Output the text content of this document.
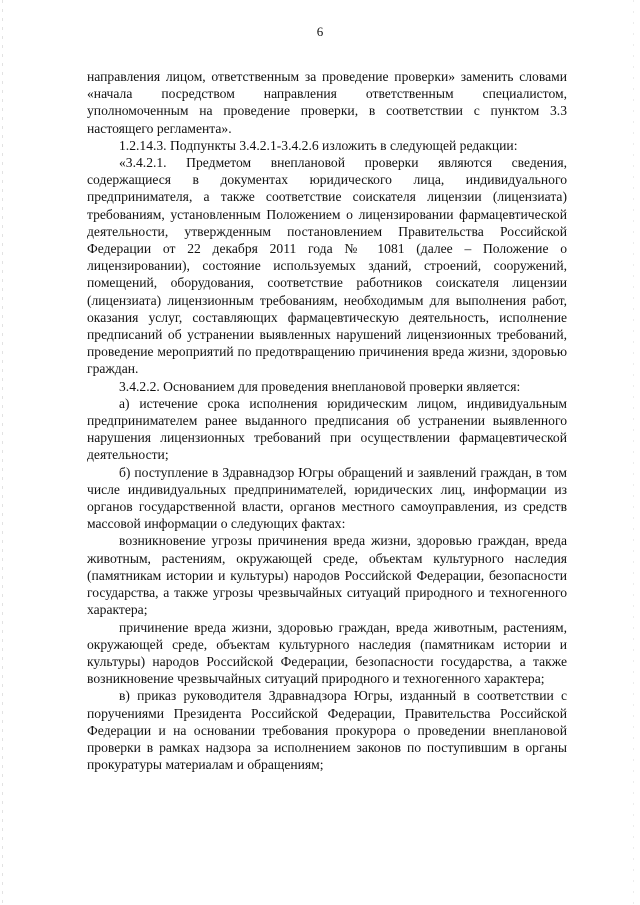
6

направления лицом, ответственным за проведение проверки» заменить словами «начала посредством направления ответственным специалистом, уполномоченным на проведение проверки, в соответствии с пунктом 3.3 настоящего регламента».

1.2.14.3. Подпункты 3.4.2.1-3.4.2.6 изложить в следующей редакции:

«3.4.2.1. Предметом внеплановой проверки являются сведения, содержащиеся в документах юридического лица, индивидуального предпринимателя, а также соответствие соискателя лицензии (лицензиата) требованиям, установленным Положением о лицензировании фармацевтической деятельности, утвержденным постановлением Правительства Российской Федерации от 22 декабря 2011 года № 1081 (далее – Положение о лицензировании), состояние используемых зданий, строений, сооружений, помещений, оборудования, соответствие работников соискателя лицензии (лицензиата) лицензионным требованиям, необходимым для выполнения работ, оказания услуг, составляющих фармацевтическую деятельность, исполнение предписаний об устранении выявленных нарушений лицензионных требований, проведение мероприятий по предотвращению причинения вреда жизни, здоровью граждан.

3.4.2.2. Основанием для проведения внеплановой проверки является:

а) истечение срока исполнения юридическим лицом, индивидуальным предпринимателем ранее выданного предписания об устранении выявленного нарушения лицензионных требований при осуществлении фармацевтической деятельности;

б) поступление в Здравнадзор Югры обращений и заявлений граждан, в том числе индивидуальных предпринимателей, юридических лиц, информации из органов государственной власти, органов местного самоуправления, из средств массовой информации о следующих фактах:

возникновение угрозы причинения вреда жизни, здоровью граждан, вреда животным, растениям, окружающей среде, объектам культурного наследия (памятникам истории и культуры) народов Российской Федерации, безопасности государства, а также угрозы чрезвычайных ситуаций природного и техногенного характера;

причинение вреда жизни, здоровью граждан, вреда животным, растениям, окружающей среде, объектам культурного наследия (памятникам истории и культуры) народов Российской Федерации, безопасности государства, а также возникновение чрезвычайных ситуаций природного и техногенного характера;

в) приказ руководителя Здравнадзора Югры, изданный в соответствии с поручениями Президента Российской Федерации, Правительства Российской Федерации и на основании требования прокурора о проведении внеплановой проверки в рамках надзора за исполнением законов по поступившим в органы прокуратуры материалам и обращениям;
